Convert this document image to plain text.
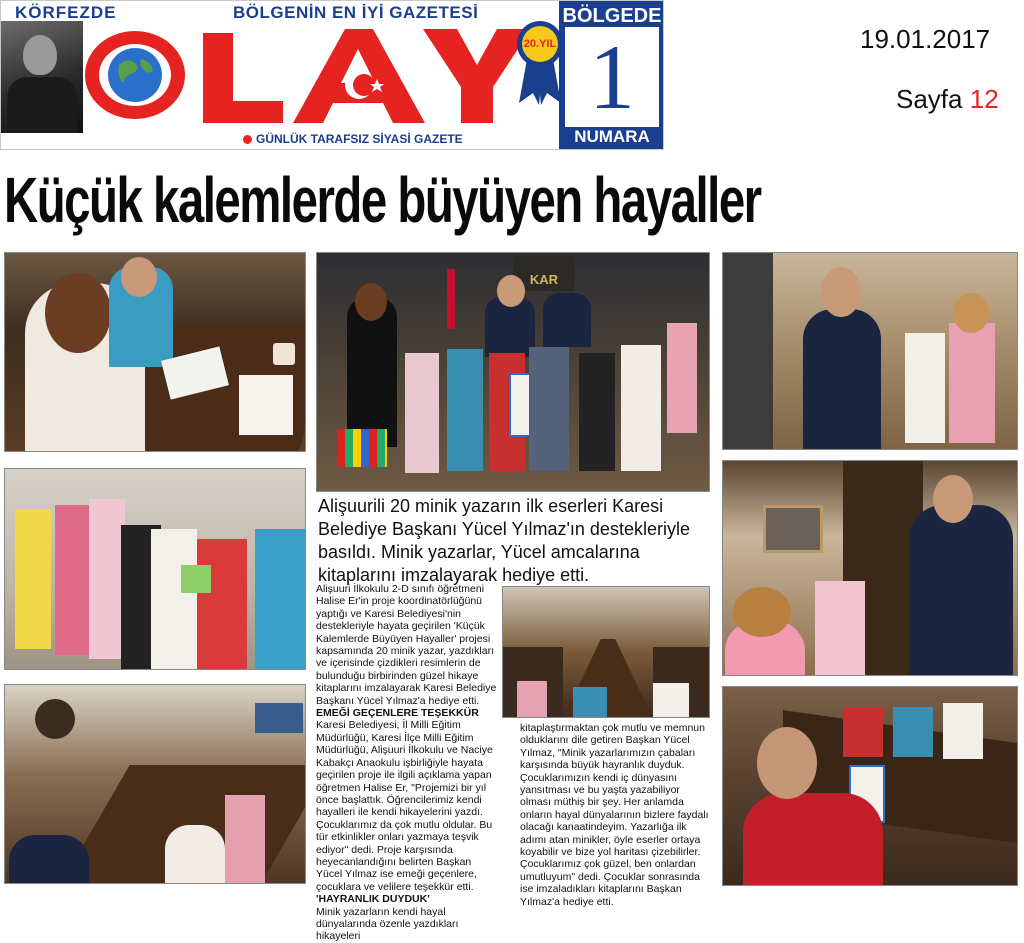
KÖRFEZDE	BÖLGENİN EN İYİ GAZETESİ
20.YIL
GÜNLÜK TARAFSIZ SİYASİ GAZETE
BÖLGEDE
1
NUMARA
19.01.2017
Sayfa 12
Küçük kalemlerde büyüyen hayaller
KAR
Alişuurili 20 minik yazarın ilk eserleri Karesi Belediye Başkanı Yücel Yılmaz'ın destekleriyle basıldı. Minik yazarlar, Yücel amcalarına kitaplarını imzalayarak hediye etti.

Alişuuri İlkokulu 2-D sınıfı öğretmeni Halise Er'in proje koordinatörlüğünü yaptığı ve Karesi Belediyesi'nin destekleriyle hayata geçirilen 'Küçük Kalemlerde Büyüyen Hayaller' projesi kapsamında 20 minik yazar, yazdıkları ve içerisinde çizdikleri resimlerin de bulunduğu birbirinden güzel hikaye kitaplarını imzalayarak Karesi Belediye Başkanı Yücel Yılmaz'a hediye etti.

EMEĞİ GEÇENLERE TEŞEKKÜR

Karesi Belediyesi, İl Milli Eğitim Müdürlüğü, Karesi İlçe Milli Eğitim Müdürlüğü, Alişuuri İlkokulu ve Naciye Kabakçı Anaokulu işbirliğiyle hayata geçirilen proje ile ilgili açıklama yapan öğretmen Halise Er, "Projemizi bir yıl önce başlattık. Öğrencilerimiz kendi hayalleri ile kendi hikayelerini yazdı. Çocuklarımız da çok mutlu oldular. Bu tür etkinlikler onları yazmaya teşvik ediyor" dedi. Proje karşısında heyecanlandığını belirten Başkan Yücel Yılmaz ise emeği geçenlere, çocuklara ve velilere teşekkür etti.

'HAYRANLIK DUYDUK'

Minik yazarların kendi hayal dünyalarında özenle yazdıkları hikayeleri

kitaplaştırmaktan çok mutlu ve memnun olduklarını dile getiren Başkan Yücel Yılmaz, "Minik yazarlarımızın çabaları karşısında büyük hayranlık duyduk. Çocuklarımızın kendi iç dünyasını yansıtması ve bu yaşta yazabiliyor olması müthiş bir şey. Her anlamda onların hayal dünyalarının bizlere faydalı olacağı kanaatindeyim. Yazarlığa ilk adımı atan minikler, öyle eserler ortaya koyabilir ve bize yol haritası çizebilirler. Çocuklarımız çok güzel, ben onlardan umutluyum" dedi. Çocuklar sonrasında ise imzaladıkları kitaplarını Başkan Yılmaz'a hediye etti.
